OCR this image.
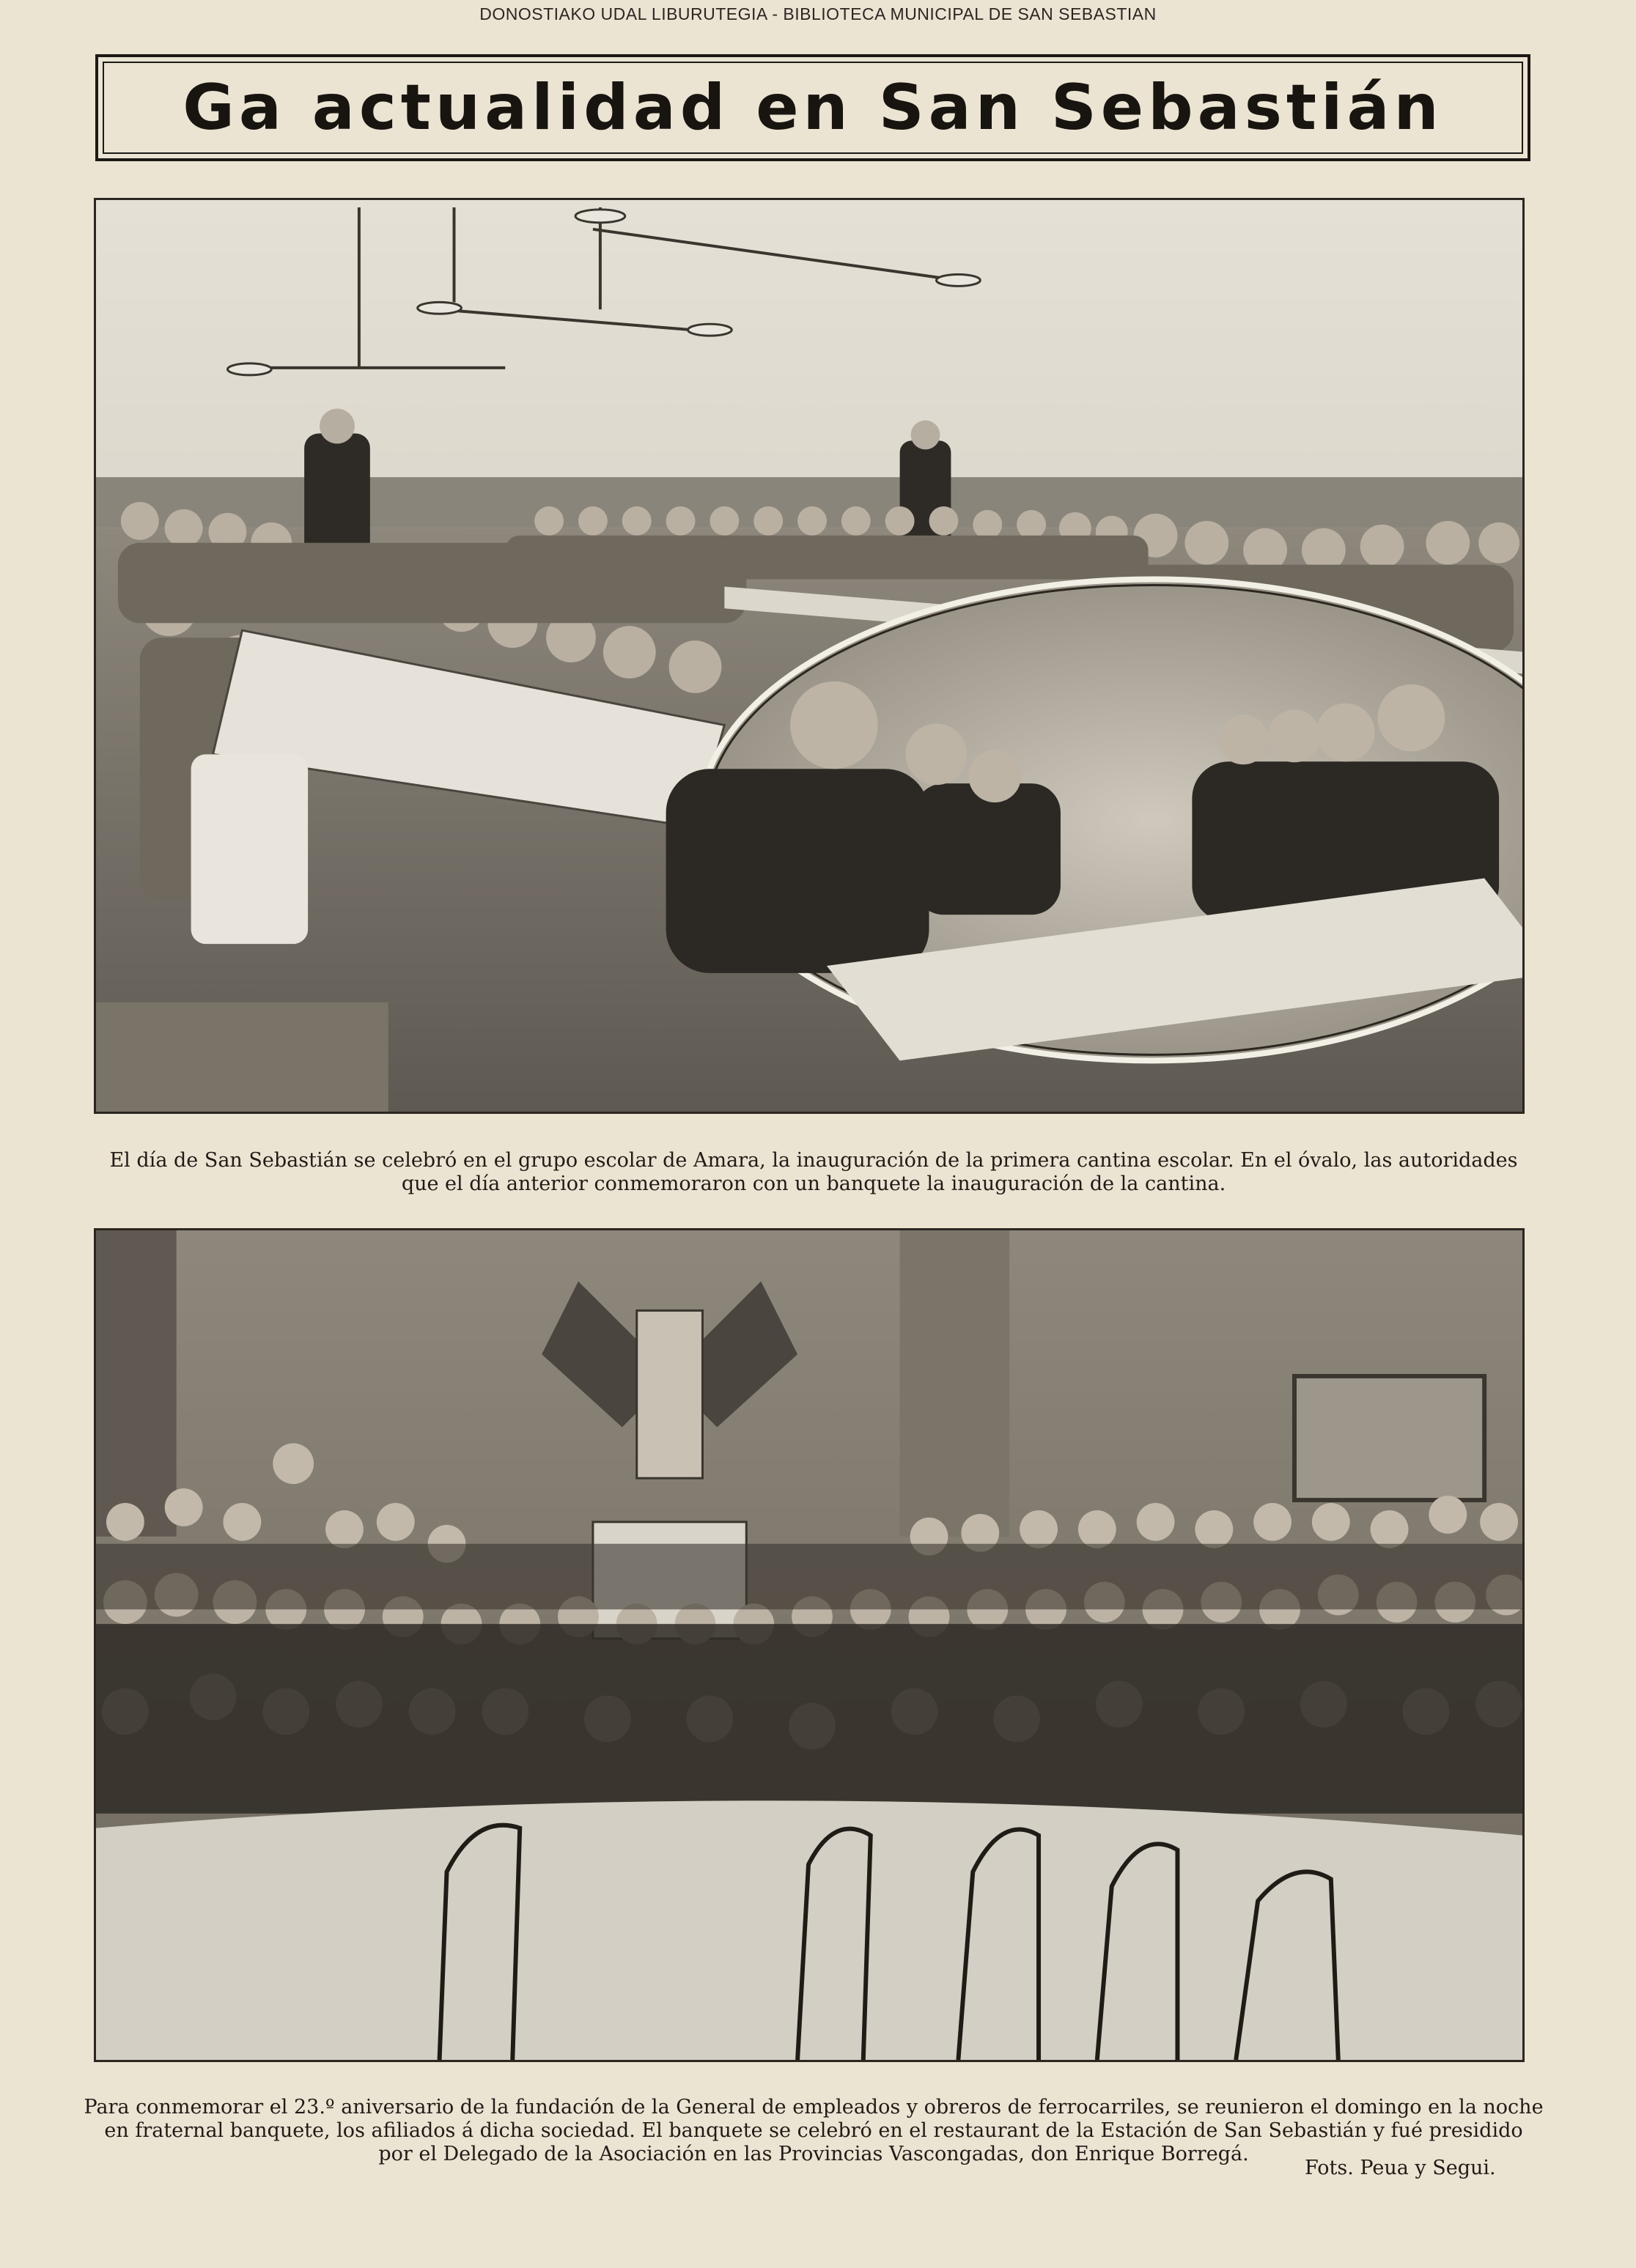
DONOSTIAKO UDAL LIBURUTEGIA - BIBLIOTECA MUNICIPAL DE SAN SEBASTIAN
Ga actualidad en San Sebastián
El día de San Sebastián se celebró en el grupo escolar de Amara, la inauguración de la primera cantina escolar. En el óvalo, las autoridades
que el día anterior conmemoraron con un banquete la inauguración de la cantina.
Para conmemorar el 23.º aniversario de la fundación de la General de empleados y obreros de ferrocarriles, se reunieron el domingo en la noche
en fraternal banquete, los afiliados á dicha sociedad. El banquete se celebró en el restaurant de la Estación de San Sebastián y fué presidido
por el Delegado de la Asociación en las Provincias Vascongadas, don Enrique Borregá.
Fots. Peua y Segui.
